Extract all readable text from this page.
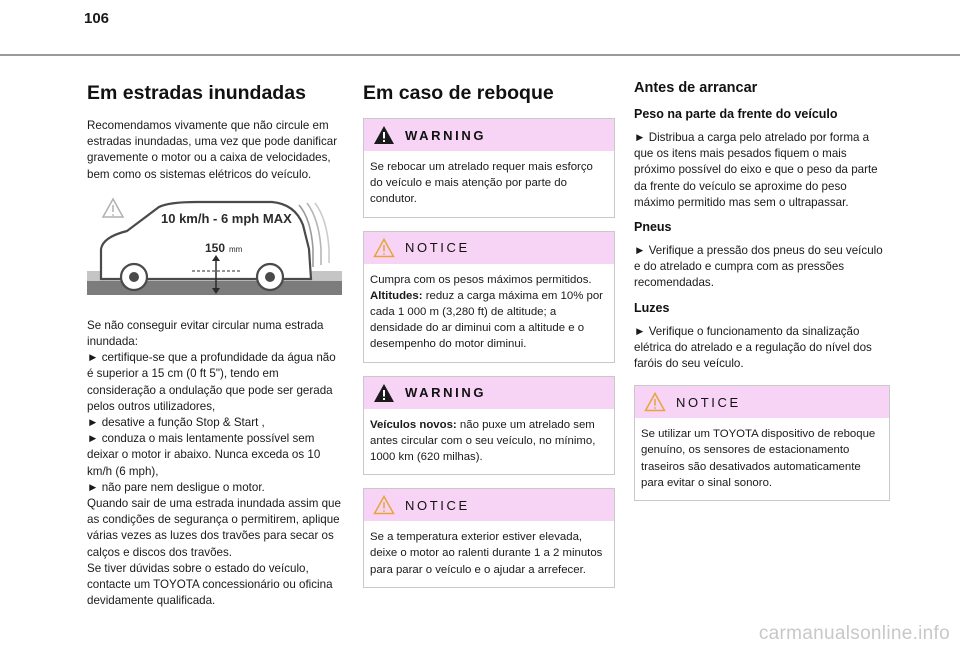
106
Em estradas inundadas

Recomendamos vivamente que não circule em estradas inundadas, uma vez que pode danificar gravemente o motor ou a caixa de velocidades, bem como os sistemas elétricos do veículo.

10 km/h - 6 mph MAX
150 mm

Se não conseguir evitar circular numa estrada inundada:

► certifique-se que a profundidade da água não é superior a 15 cm (0 ft 5"), tendo em consideração a ondulação que pode ser gerada pelos outros utilizadores,

► desative a função Stop & Start ,

► conduza o mais lentamente possível sem deixar o motor ir abaixo. Nunca exceda os 10 km/h (6 mph),

► não pare nem desligue o motor.

Quando sair de uma estrada inundada assim que as condições de segurança o permitirem, aplique várias vezes as luzes dos travões para secar os calços e discos dos travões.

Se tiver dúvidas sobre o estado do veículo, contacte um TOYOTA concessionário ou oficina devidamente qualificada.

Em caso de reboque
WARNING

Se rebocar um atrelado requer mais esforço do veículo e mais atenção por parte do condutor.

NOTICE

Cumpra com os pesos máximos permitidos.

Altitudes: reduz a carga máxima em 10% por cada 1 000 m (3,280 ft) de altitude; a densidade do ar diminui com a altitude e o desempenho do motor diminui.

WARNING

Veículos novos: não puxe um atrelado sem antes circular com o seu veículo, no mínimo, 1000 km (620 milhas).

NOTICE

Se a temperatura exterior estiver elevada, deixe o motor ao ralenti durante 1 a 2 minutos para parar o veículo e o ajudar a arrefecer.

Antes de arrancar
Peso na parte da frente do veículo

► Distribua a carga pelo atrelado por forma a que os itens mais pesados fiquem o mais próximo possível do eixo e que o peso da parte da frente do veículo se aproxime do peso máximo permitido mas sem o ultrapassar.

Pneus

► Verifique a pressão dos pneus do seu veículo e do atrelado e cumpra com as pressões recomendadas.

Luzes

► Verifique o funcionamento da sinalização elétrica do atrelado e a regulação do nível dos faróis do seu veículo.

NOTICE

Se utilizar um TOYOTA dispositivo de reboque genuíno, os sensores de estacionamento traseiros são desativados automaticamente para evitar o sinal sonoro.

carmanualsonline.info
